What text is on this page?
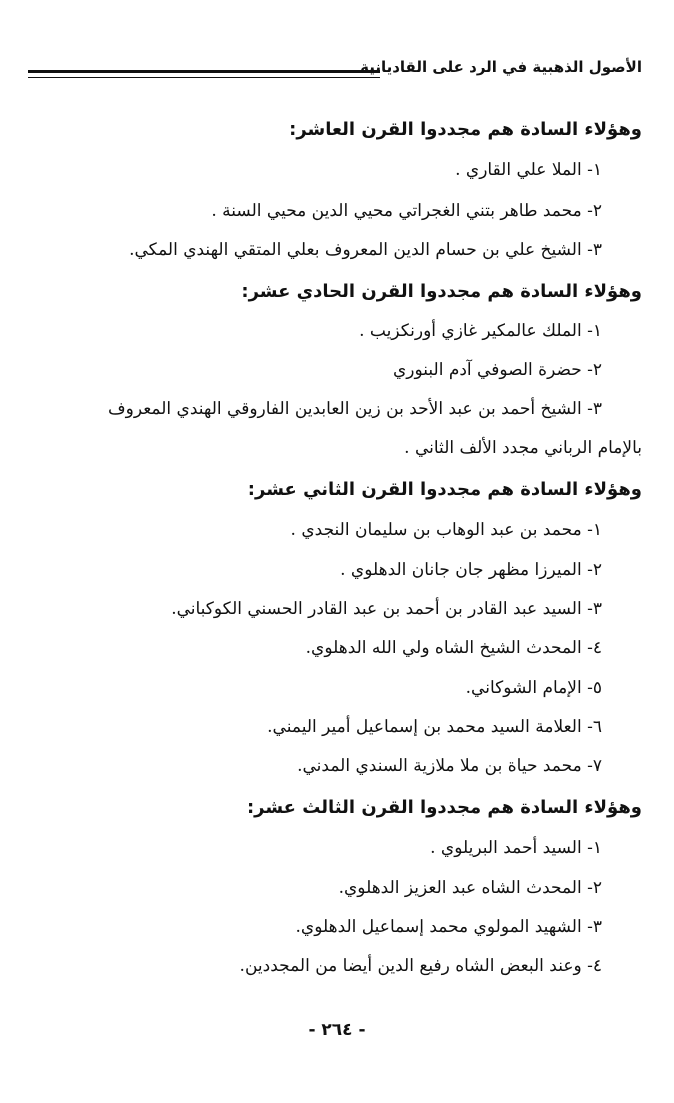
الأصول الذهبية في الرد على القاديانية
وهؤلاء السادة هم مجددوا القرن العاشر:
١- الملا علي القاري .
٢- محمد طاهر بتني الغجراتي محيي الدين محيي السنة .
٣- الشيخ علي بن حسام الدين المعروف بعلي المتقي الهندي المكي.
وهؤلاء السادة هم مجددوا القرن الحادي عشر:
١- الملك عالمكير غازي أورنكزيب .
٢- حضرة الصوفي آدم البنوري
٣- الشيخ أحمد بن عبد الأحد بن زين العابدين الفاروقي الهندي المعروف
بالإمام الرباني مجدد الألف الثاني .
وهؤلاء السادة هم مجددوا القرن الثاني عشر:
١- محمد بن عبد الوهاب بن سليمان النجدي .
٢- الميرزا مظهر جان جانان الدهلوي .
٣- السيد عبد القادر بن أحمد بن عبد القادر الحسني الكوكباني.
٤- المحدث الشيخ الشاه ولي الله الدهلوي.
٥- الإمام الشوكاني.
٦- العلامة السيد محمد بن إسماعيل أمير اليمني.
٧- محمد حياة بن ملا ملازية السندي المدني.
وهؤلاء السادة هم مجددوا القرن الثالث عشر:
١- السيد أحمد البريلوي .
٢- المحدث الشاه عبد العزيز الدهلوي.
٣- الشهيد المولوي محمد إسماعيل الدهلوي.
٤- وعند البعض الشاه رفيع الدين أيضا من المجددين.
- ٢٦٤ -
